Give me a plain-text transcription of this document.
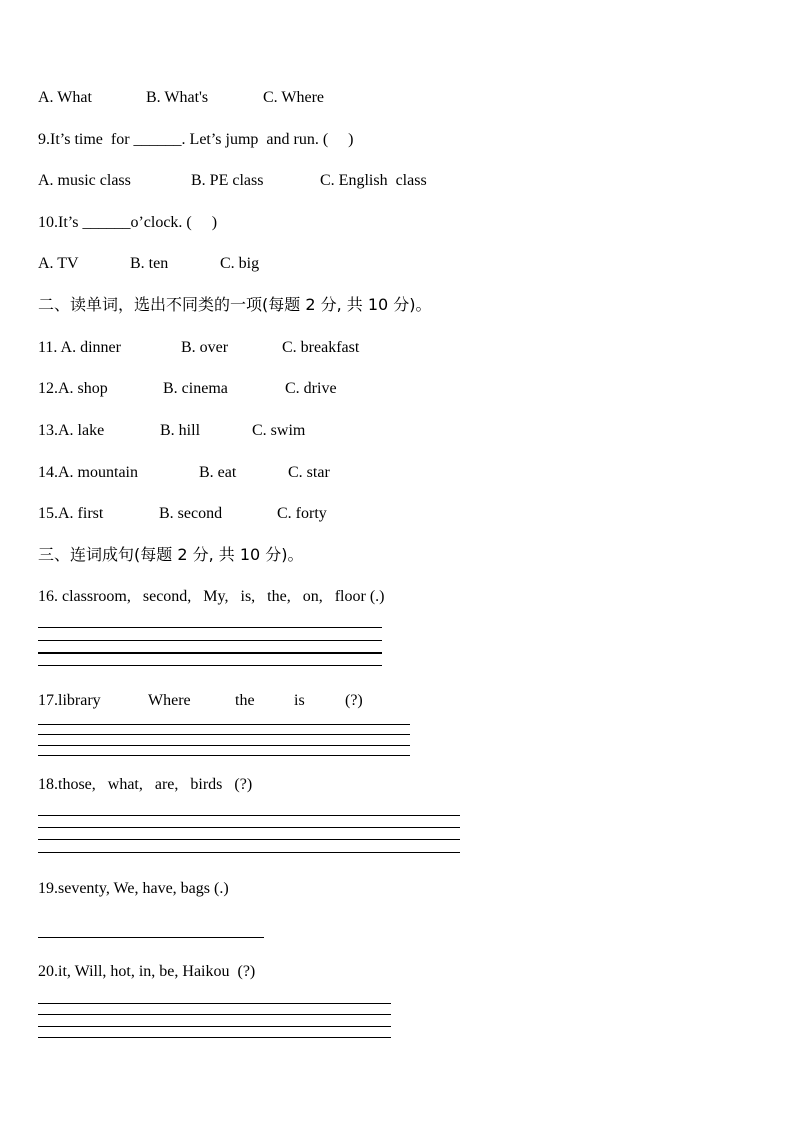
A. What	B. What's	C. Where
9.It’s time  for ______. Let’s jump  and run. (     )
A. music class	B. PE class	C. English  class
10.It’s ______o’clock. (     )
A. TV	B. ten	C. big
二、读单词，选出不同类的一项(每题 2 分, 共 10 分)。
11. A. dinner	B. over	C. breakfast
12.A. shop	B. cinema	C. drive
13.A. lake	B. hill	C. swim
14.A. mountain	B. eat	C. star
15.A. first	B. second	C. forty
三、连词成句(每题 2 分, 共 10 分)。
16. classroom,   second,   My,   is,   the,   on,   floor (.)
17.library	Where	the is	(?)
18.those,   what,   are,   birds   (?)
19.seventy, We, have, bags (.)
20.it, Will, hot, in, be, Haikou  (?)
